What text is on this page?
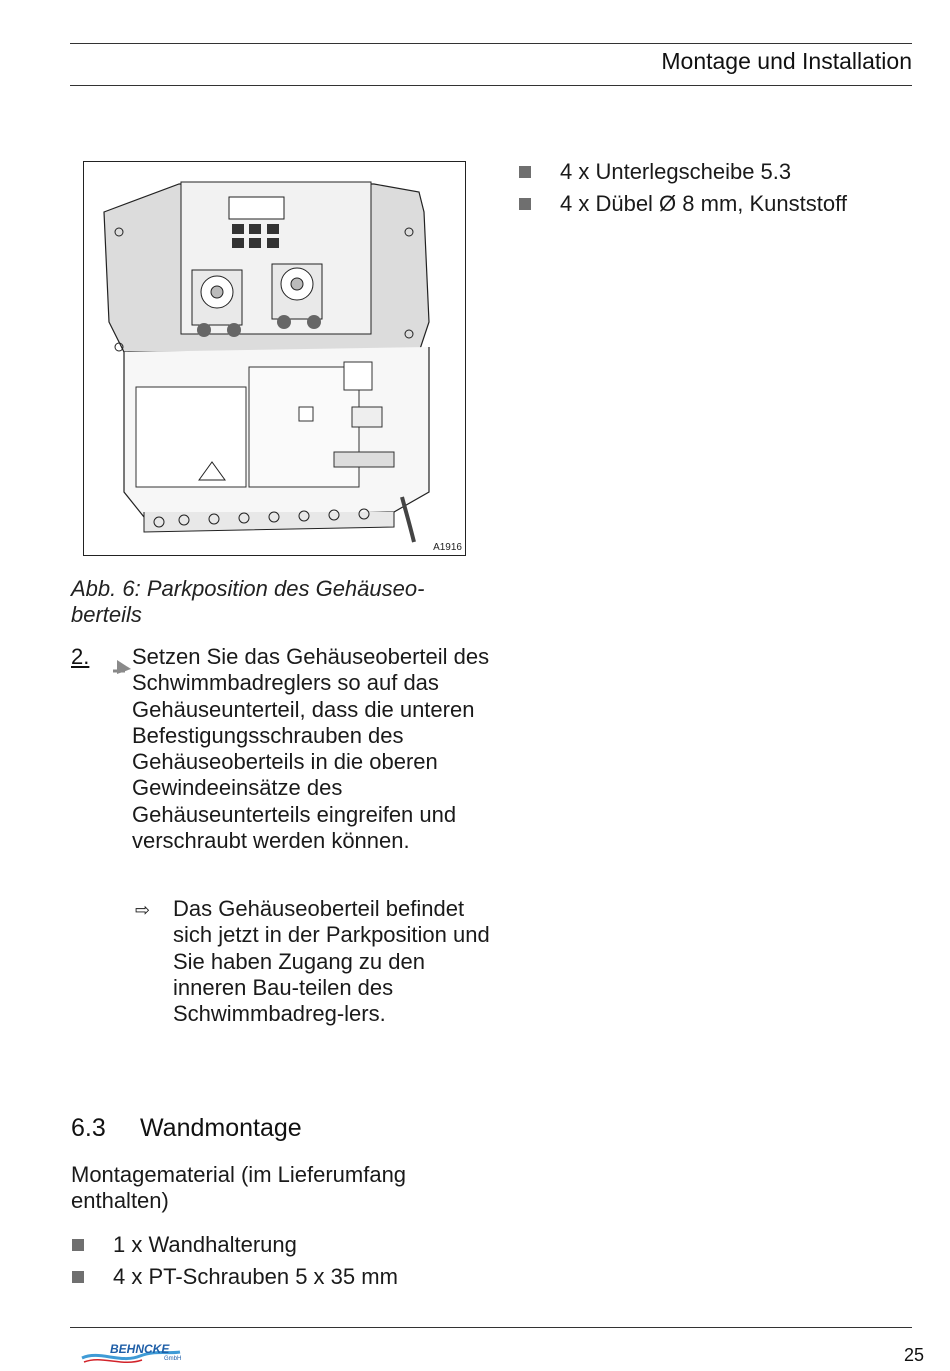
Montage und Installation
A1916
Abb. 6: Parkposition des Gehäuseo-
berteils
2. Setzen Sie das Gehäuseoberteil des Schwimmbadreglers so auf das Gehäuseunterteil, dass die unteren Befestigungsschrauben des Gehäuseoberteils in die oberen Gewindeeinsätze des Gehäuseunterteils eingreifen und verschraubt werden können.
⇨ Das Gehäuseoberteil befindet sich jetzt in der Parkposition und Sie haben Zugang zu den inneren Bau-teilen des Schwimmbadreg-lers.
6.3 Wandmontage
Montagematerial (im Lieferumfang enthalten)
1 x Wandhalterung
4 x PT-Schrauben 5 x 35 mm
4 x Unterlegscheibe 5.3
4 x Dübel Ø 8 mm, Kunststoff
BEHNCKE
GmbH	25
